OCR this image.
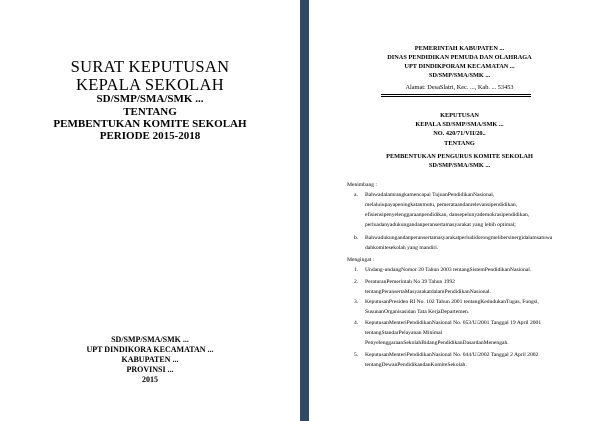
SURAT KEPUTUSAN
KEPALA SEKOLAH
SD/SMP/SMA/SMK ...
TENTANG
PEMBENTUKAN KOMITE SEKOLAH
PERIODE 2015-2018
SD/SMP/SMA/SMK ...
UPT DINDIKORA KECAMATAN ...
KABUPATEN ...
PROVINSI ...
2015
PEMERINTAH KABUPATEN ...
DINAS PENDIDIKAN PEMUDA DAN OLAHRAGA
UPT DINDIKPORAM KECAMATAN ...
SD/SMP/SMA/SMK ...
Alamat: DesaSlatri, Kec. ..., Kab. ... 53453
KEPUTUSAN
KEPALA SD/SMP/SMA/SMK ...
NO. 420/71/VII/20..
TENTANG
PEMBENTUKAN PENGURUS KOMITE SEKOLAH
SD/SMP/SMA/SMK ...
Menimbang :
a. Bahwadalamrangkamencapai TujuanPendidikanNasional,
melaluiupayapeningkatanmutu, pemerataandanrelevansipendidikan,
efisiensipenyelenggaraanpendidikan, dansepelunyademokrasipendidikan,
perluadanyadukungandanperansertamasyarakat yang lebih optimal;
b. Bahwadukungandanperansertamasyarakatperludidorongmelibersinergidalamsatuwa
dahkomitesekolah yang mandiri.
Mengingat :
1. Undang-undangNomor 20 Tahun 2003 tentangSistemPendidikanNasional.
2. PeraturanPemerintah No 39 Tahun 1992
tentangPeransertaMasyarakatdalamPendidikanNasional.
3. KeputusanPresiden RI No. 102 Tahun 2001 tentangKedudukanTugas, Fungsi,
SusunanOrganisasidan Tata KerjaDepartemen.
4. KeputusanMenteriPendidikanNasional No. 053/U/2001 Tanggal 19 April 2001
tentangStandarPelayanan Minimal
PenyelenggaraanSekolahBidangPendidikanDasardanMenengah.
5. KeputusanMenteriPendidikanNasional No. 044/U/2002 Tanggal 2 April 2002
tentangDewanPendidikandanKomiteSekolah.
